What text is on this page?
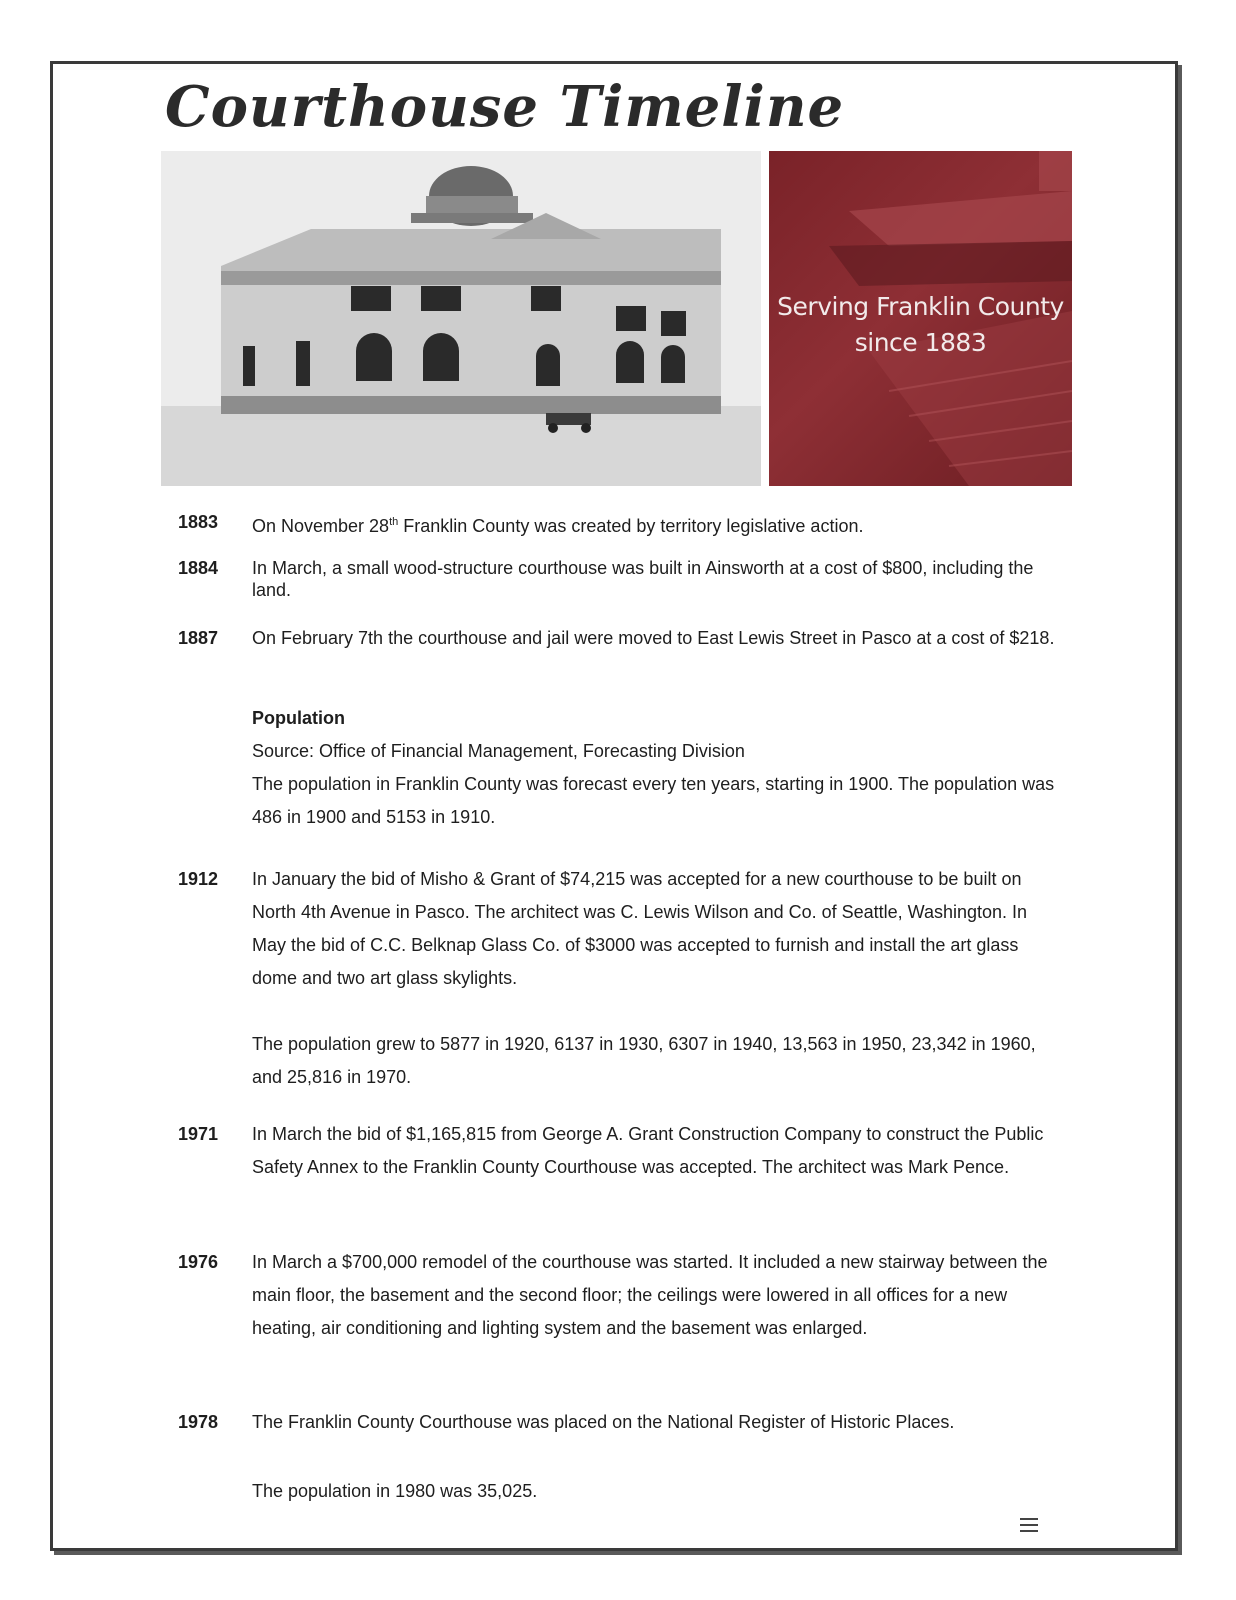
Courthouse Timeline
Serving Franklin County
since 1883
1883	On November 28th Franklin County was created by territory legislative action.
1884	In March, a small wood-structure courthouse was built in Ainsworth at a cost of $800, including the land.
1887	On February 7th the courthouse and jail were moved to East Lewis Street in Pasco at a cost of $218.
Population
Source: Office of Financial Management, Forecasting Division
The population in Franklin County was forecast every ten years, starting in 1900. The population was 486 in 1900 and 5153 in 1910.
1912	In January the bid of Misho & Grant of $74,215 was accepted for a new courthouse to be built on North 4th Avenue in Pasco. The architect was C. Lewis Wilson and Co. of Seattle, Washington. In May the bid of C.C. Belknap Glass Co. of $3000 was accepted to furnish and install the art glass dome and two art glass skylights.
The population grew to 5877 in 1920, 6137 in 1930, 6307 in 1940, 13,563 in 1950, 23,342 in 1960, and 25,816 in 1970.
1971	In March the bid of $1,165,815 from George A. Grant Construction Company to construct the Public Safety Annex to the Franklin County Courthouse was accepted. The architect was Mark Pence.
1976	In March a $700,000 remodel of the courthouse was started. It included a new stairway between the main floor, the basement and the second floor; the ceilings were lowered in all offices for a new heating, air conditioning and lighting system and the basement was enlarged.
1978	The Franklin County Courthouse was placed on the National Register of Historic Places.
The population in 1980 was 35,025.
